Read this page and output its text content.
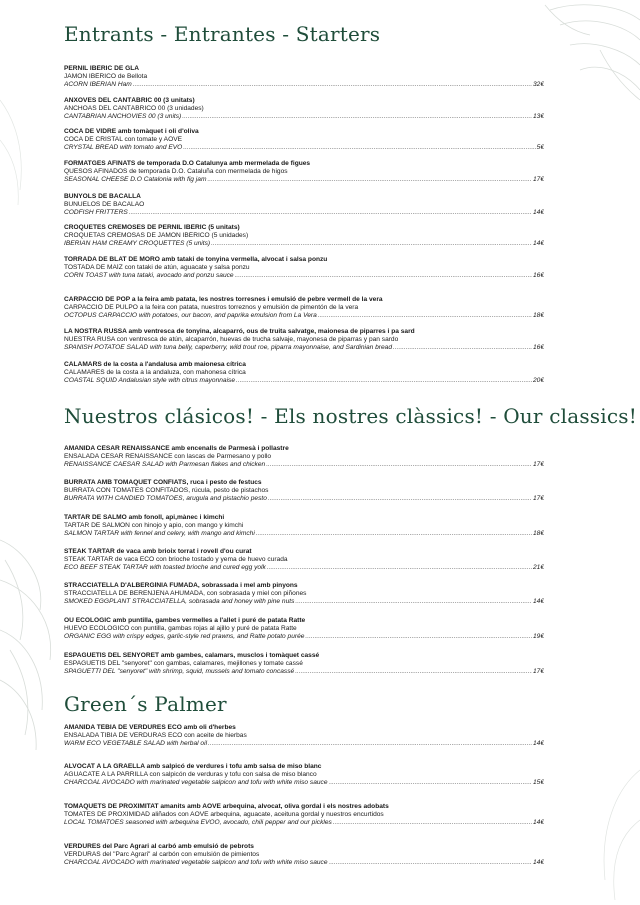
Entrants - Entrantes - Starters
PERNIL IBÈRIC DE GLA
JAMÓN IBÉRICO de Bellota
ACORN IBERIAN Ham .....	32€
ANXOVES DEL CANTÀBRIC 00 (3 unitats)
ANCHOAS DEL CANTÁBRICO 00 (3 unidades)
CANTABRIAN ANCHOVIES 00 (3 units) .....	13€
COCA DE VIDRE amb tomàquet i oli d'oliva
COCA DE CRISTAL con tomate y AOVE
CRYSTAL BREAD with tomato and EVO .....	5€
FORMATGES AFINATS de temporada D.O Catalunya amb mermelada de figues
QUESOS AFINADOS de temporada D.O. Cataluña con mermelada de higos
SEASONAL CHEESE D.O Catalonia with fig jam .....	17€
BUNYOLS DE BACALLÀ
BUÑUELOS DE BACALAO
CODFISH FRITTERS .....	14€
CROQUETES CREMOSES DE PERNIL IBÈRIC (5 unitats)
CROQUETAS CREMOSAS DE JAMÓN IBÉRICO (5 unidades)
IBERIAN HAM CREAMY CROQUETTES (5 units) .....	14€
TORRADA DE BLAT DE MORO amb tataki de tonyina vermella, alvocat i salsa ponzu
TOSTADA DE MAÍZ con tataki de atún, aguacate y salsa ponzu
CORN TOAST with tuna tataki, avocado and ponzu sauce .....	16€
CARPACCIO DE POP a la feira amb patata, les nostres torresnes i emulsió de pebre vermell de la vera
CARPACCIO DE PULPO a la feira con patata, nuestros torreznos y emulsión de pimentón de la vera
OCTOPUS CARPACCIO with potatoes, our bacon, and paprika emulsion from La Vera .....	18€
LA NOSTRA RUSSA amb ventresca de tonyina, alcaparró, ous de truita salvatge, maionesa de piparres i pa sard
NUESTRA RUSA con ventresca de atún, alcaparrón, huevas de trucha salvaje, mayonesa de piparras y pan sardo
SPANISH POTATOE SALAD with tuna belly, caperberry, wild trout roe, piparra mayonnaise, and Sardinian bread .....	16€
CALAMARS de la costa a l'andalusa amb maionesa cítrica
CALAMARES de la costa a la andaluza, con mahonesa cítrica
COASTAL SQUID Andalusian style with citrus mayonnaise .....	20€
Nuestros clásicos! - Els nostres clàssics! - Our classics!
AMANIDA CÈSAR RENAISSANCE amb encenalls de Parmesà i pollastre
ENSALADA CÉSAR RENAISSANCE con lascas de Parmesano y pollo
RENAISSANCE CAESAR SALAD with Parmesan flakes and chicken .....	17€
BURRATA AMB TOMAQUET CONFIATS, ruca i pesto de festucs
BURRATA CON TOMATES CONFITADOS, rúcula, pesto de pistachos
BURRATA WITH CANDIED TOMATOES, arugula and pistachio pesto .....	17€
TARTAR DE SALMÓ amb fonoll, api,mànec i kimchi
TARTAR DE SALMÓN con hinojo y apio, con mango y kimchi
SALMON TARTAR with fennel and celery, with mango and kimchi .....	18€
STEAK TÀRTAR de vaca amb brioix torrat i rovell d'ou curat
STEAK TÁRTAR de vaca ECO con brioche tostado y yema de huevo curada
ECO BEEF STEAK TARTAR with toasted brioche and cured egg yolk .....	21€
STRACCIATELLA D'ALBERGÍNIA FUMADA, sobrassada i mel amb pinyons
STRACCIATELLA DE BERENJENA AHUMADA, con sobrasada y miel con piñones
SMOKED EGGPLANT STRACCIATELLA, sobrasada and honey with pine nuts .....	14€
OU ECOLÒGIC amb puntilla, gambes vermelles a l'allet i puré de patata Ratte
HUEVO ECOLÓGICO con puntilla, gambas rojas al ajillo y puré de patata Ratte
ORGANIC EGG with crispy edges, garlic-style red prawns, and Ratte potato purée .....	19€
ESPAGUETIS DEL SENYORET amb gambes, calamars, musclos i tomàquet cassé
ESPAGUETIS DEL "senyoret" con gambas, calamares, mejillones y tomate cassé
SPAGUETTI DEL "senyoret" with shrimp, squid, mussels and tomato concassé .....	17€
Green´s Palmer
AMANIDA TÈBIA DE VERDURES ECO amb oli d'herbes
ENSALADA TIBIA DE VERDURAS ECO con aceite de hierbas
WARM ECO VEGETABLE SALAD with herbal oil .....	14€
ALVOCAT A LA GRAELLA amb salpicó de verdures i tofu amb salsa de miso blanc
AGUACATE A LA PARRILLA con salpicón de verduras y tofu con salsa de miso blanco
CHARCOAL AVOCADO with marinated vegetable salpicon and tofu with white miso sauce .....	15€
TOMÀQUETS DE PROXIMITAT amanits amb AOVE arbequina, alvocat, oliva gordal i els nostres adobats
TOMATES DE PROXIMIDAD aliñados con AOVE arbequina, aguacate, aceituna gordal y nuestros encurtidos
LOCAL TOMATOES seasoned with arbequina EVOO, avocado, chili pepper and our pickles .....	14€
VERDURES del Parc Agrari al carbó amb emulsió de pebrots
VERDURAS del "Parc Agrari" al carbón con emulsión de pimientos
CHARCOAL AVOCADO with marinated vegetable salpicon and tofu with white miso sauce .....	14€
